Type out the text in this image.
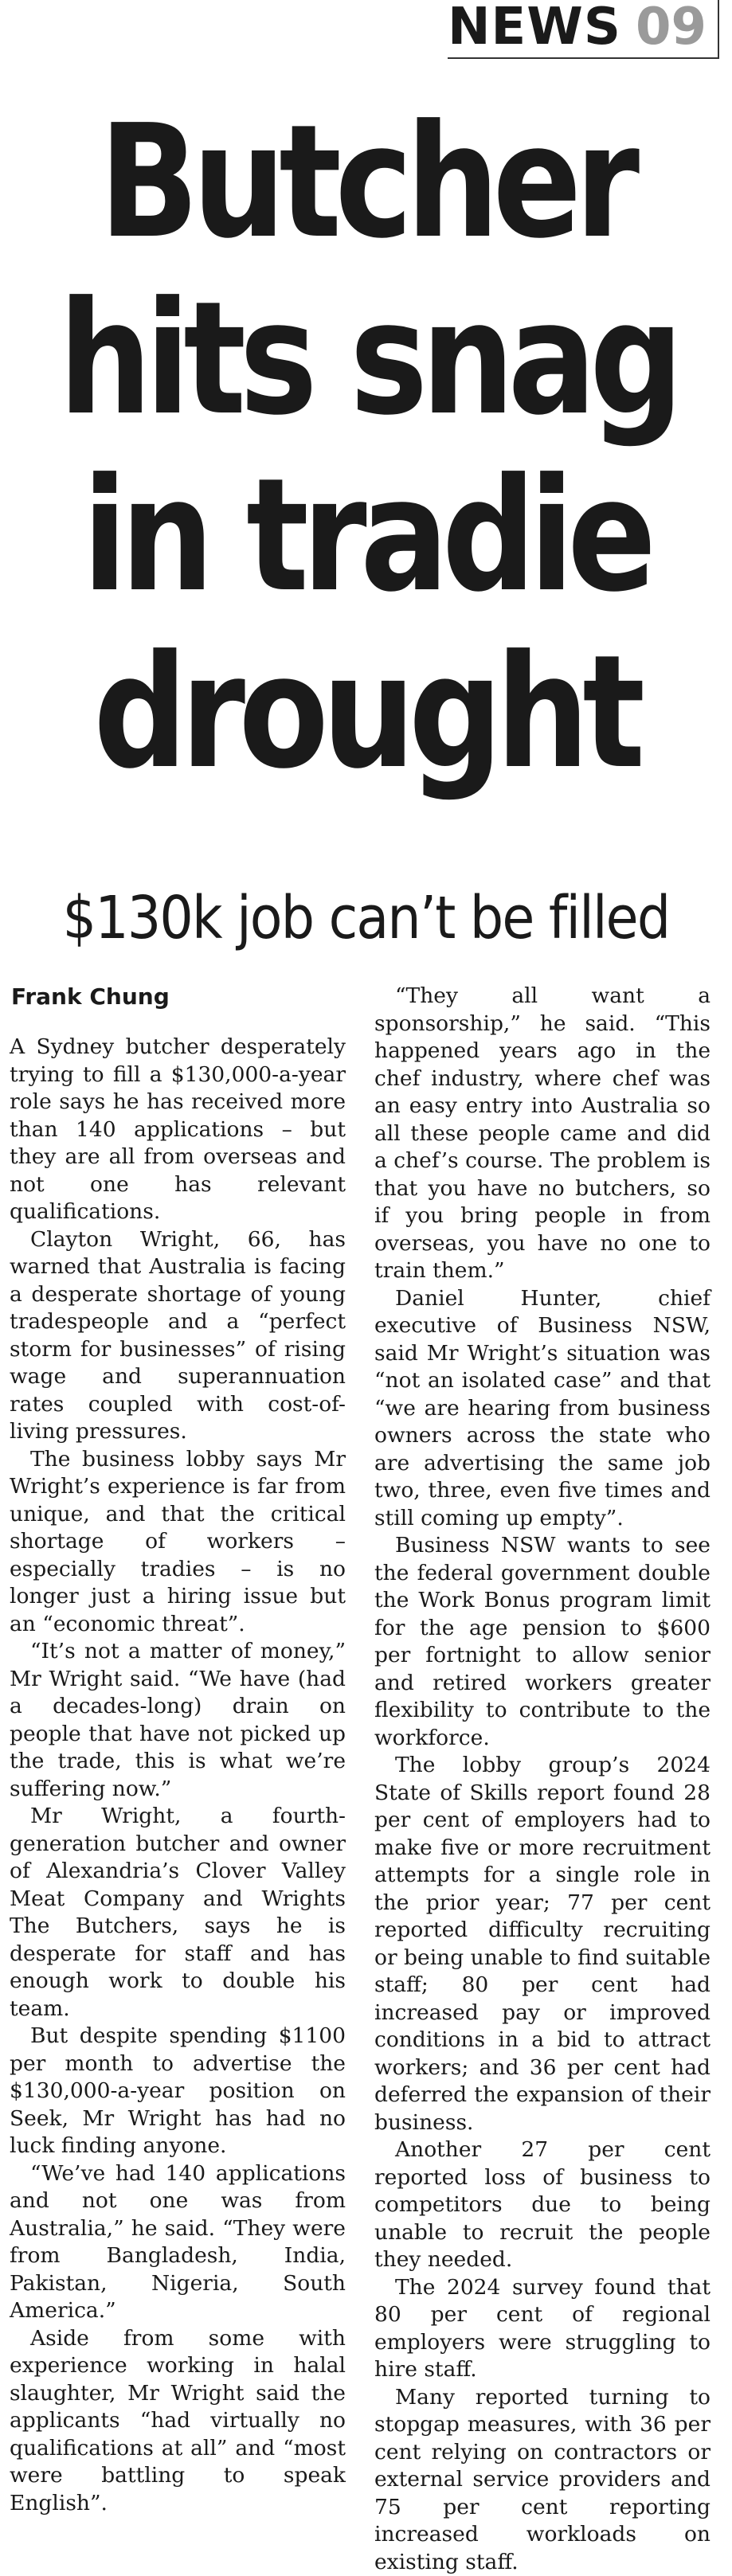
NEWS 09
Butcher
hits snag
in tradie
drought
$130k job can’t be filled
Frank Chung

A Sydney butcher desperately trying to fill a $130,000-a-year role says he has received more than 140 applications – but they are all from overseas and not one has relevant qualifications.

Clayton Wright, 66, has warned that Australia is facing a desperate shortage of young tradespeople and a “perfect storm for businesses” of rising wage and superannuation rates coupled with cost-of-living pressures.

The business lobby says Mr Wright’s experience is far from unique, and that the critical shortage of workers – especially tradies – is no longer just a hiring issue but an “economic threat”.

“It’s not a matter of money,” Mr Wright said. “We have (had a decades-long) drain on people that have not picked up the trade, this is what we’re suffering now.”

Mr Wright, a fourth-generation butcher and owner of Alexandria’s Clover Valley Meat Company and Wrights The Butchers, says he is desperate for staff and has enough work to double his team.

But despite spending $1100 per month to advertise the $130,000-a-year position on Seek, Mr Wright has had no luck finding anyone.

“We’ve had 140 applications and not one was from Australia,” he said. “They were from Bangladesh, India, Pakistan, Nigeria, South America.”

Aside from some with experience working in halal slaughter, Mr Wright said the applicants “had virtually no qualifications at all” and “most were battling to speak English”.

“They all want a sponsorship,” he said. “This happened years ago in the chef industry, where chef was an easy entry into Australia so all these people came and did a chef’s course. The problem is that you have no butchers, so if you bring people in from overseas, you have no one to train them.”

Daniel Hunter, chief executive of Business NSW, said Mr Wright’s situation was “not an isolated case” and that “we are hearing from business owners across the state who are advertising the same job two, three, even five times and still coming up empty”.

Business NSW wants to see the federal government double the Work Bonus program limit for the age pension to $600 per fortnight to allow senior and retired workers greater flexibility to contribute to the workforce.

The lobby group’s 2024 State of Skills report found 28 per cent of employers had to make five or more recruitment attempts for a single role in the prior year; 77 per cent reported difficulty recruiting or being unable to find suitable staff; 80 per cent had increased pay or improved conditions in a bid to attract workers; and 36 per cent had deferred the expansion of their business.

Another 27 per cent reported loss of business to competitors due to being unable to recruit the people they needed.

The 2024 survey found that 80 per cent of regional employers were struggling to hire staff.

Many reported turning to stopgap measures, with 36 per cent relying on contractors or external service providers and 75 per cent reporting increased workloads on existing staff.
